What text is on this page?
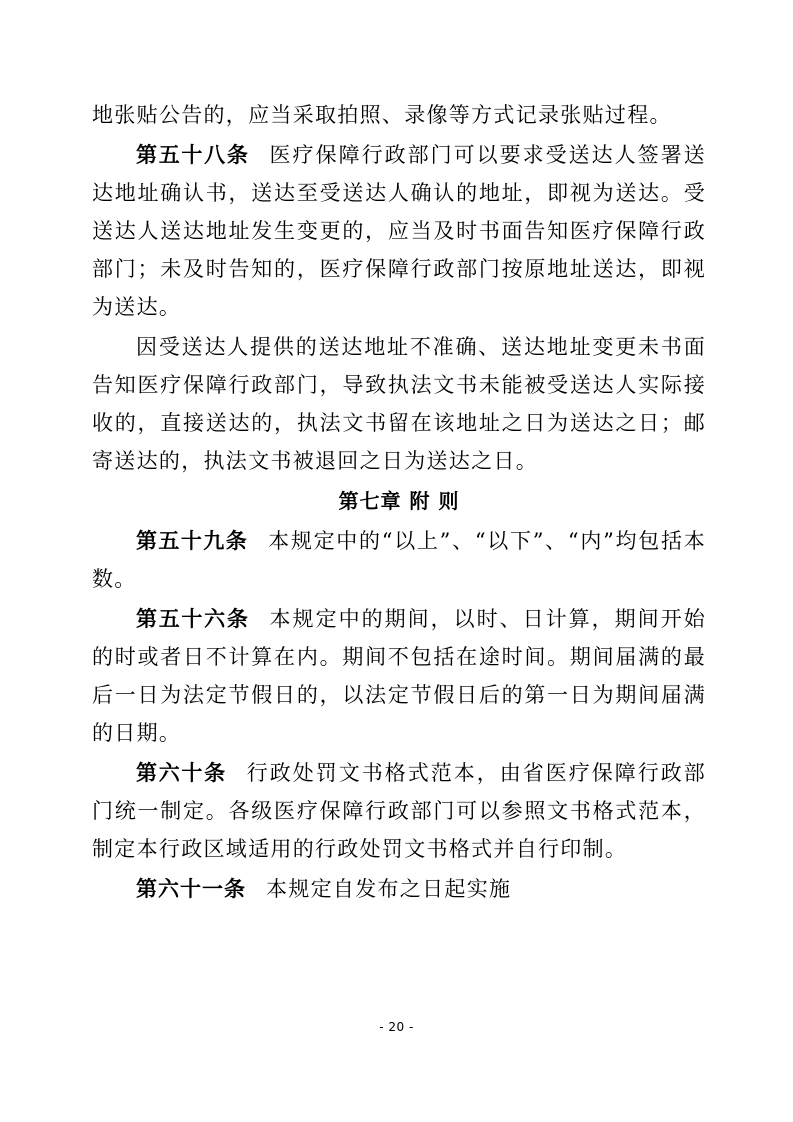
地张贴公告的，应当采取拍照、录像等方式记录张贴过程。

第五十八条 医疗保障行政部门可以要求受送达人签署送达地址确认书，送达至受送达人确认的地址，即视为送达。受送达人送达地址发生变更的，应当及时书面告知医疗保障行政部门；未及时告知的，医疗保障行政部门按原地址送达，即视为送达。

因受送达人提供的送达地址不准确、送达地址变更未书面告知医疗保障行政部门，导致执法文书未能被受送达人实际接收的，直接送达的，执法文书留在该地址之日为送达之日；邮寄送达的，执法文书被退回之日为送达之日。

第七章 附 则

第五十九条 本规定中的“以上”、“以下”、“内”均包括本数。

第五十六条 本规定中的期间，以时、日计算，期间开始的时或者日不计算在内。期间不包括在途时间。期间届满的最后一日为法定节假日的，以法定节假日后的第一日为期间届满的日期。

第六十条 行政处罚文书格式范本，由省医疗保障行政部门统一制定。各级医疗保障行政部门可以参照文书格式范本，制定本行政区域适用的行政处罚文书格式并自行印制。

第六十一条 本规定自发布之日起实施

- 20 -
